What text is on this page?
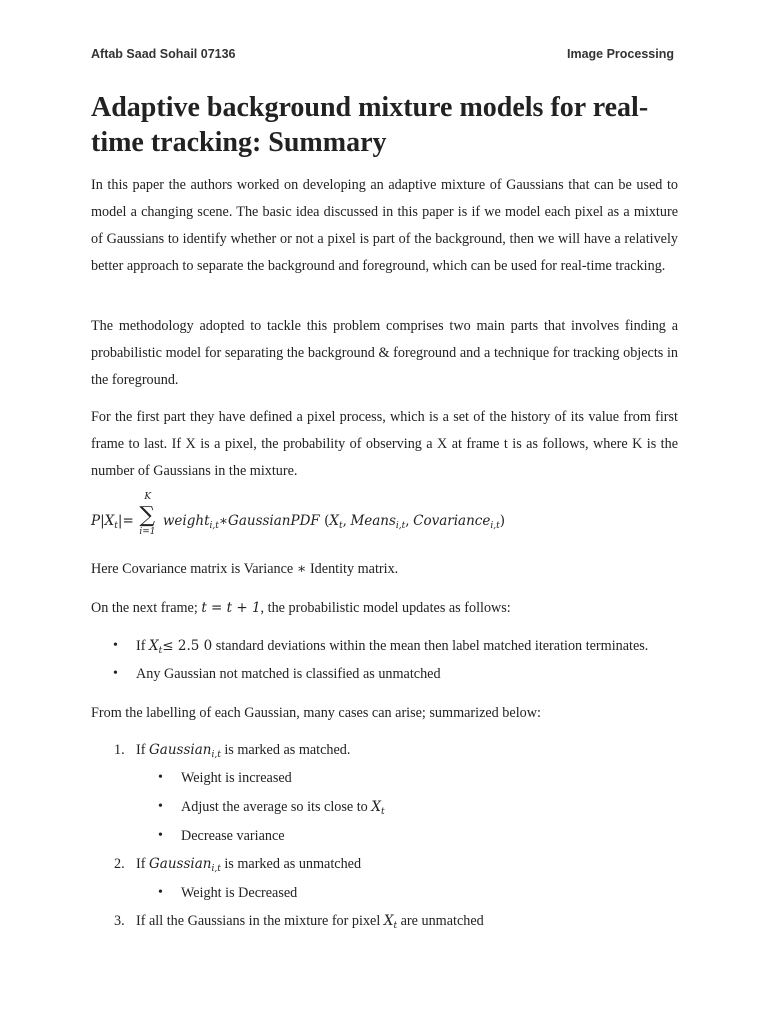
Aftab Saad Sohail 07136	Image Processing
Adaptive background mixture models for real-time tracking: Summary

In this paper the authors worked on developing an adaptive mixture of Gaussians that can be used to model a changing scene. The basic idea discussed in this paper is if we model each pixel as a mixture of Gaussians to identify whether or not a pixel is part of the background, then we will have a relatively better approach to separate the background and foreground, which can be used for real-time tracking.

The methodology adopted to tackle this problem comprises two main parts that involves finding a probabilistic model for separating the background & foreground and a technique for tracking objects in the foreground.

For the first part they have defined a pixel process, which is a set of the history of its value from first frame to last. If X is a pixel, the probability of observing a X at frame t is as follows, where K is the number of Gaussians in the mixture.

$P|X_t|=$
K
∑
i=1
weight$_{i,t}$∗GaussianPDF ($X_t$, Means$_{i,t}$, Covariance$_{i,t}$)
Here Covariance matrix is Variance ∗ Identity matrix.
On the next frame; t = t + 1, the probabilistic model updates as follows:
• If $X_t\le 2.5$ 0 standard deviations within the mean then label matched iteration terminates.
• Any Gaussian not matched is classified as unmatched
From the labelling of each Gaussian, many cases can arise; summarized below:
1. If Gaussian$_{i,t}$ is marked as matched.
• Weight is increased
• Adjust the average so its close to $X_t$
• Decrease variance
2. If Gaussian$_{i,t}$ is marked as unmatched
• Weight is Decreased
3. If all the Gaussians in the mixture for pixel $X_t$ are unmatched
